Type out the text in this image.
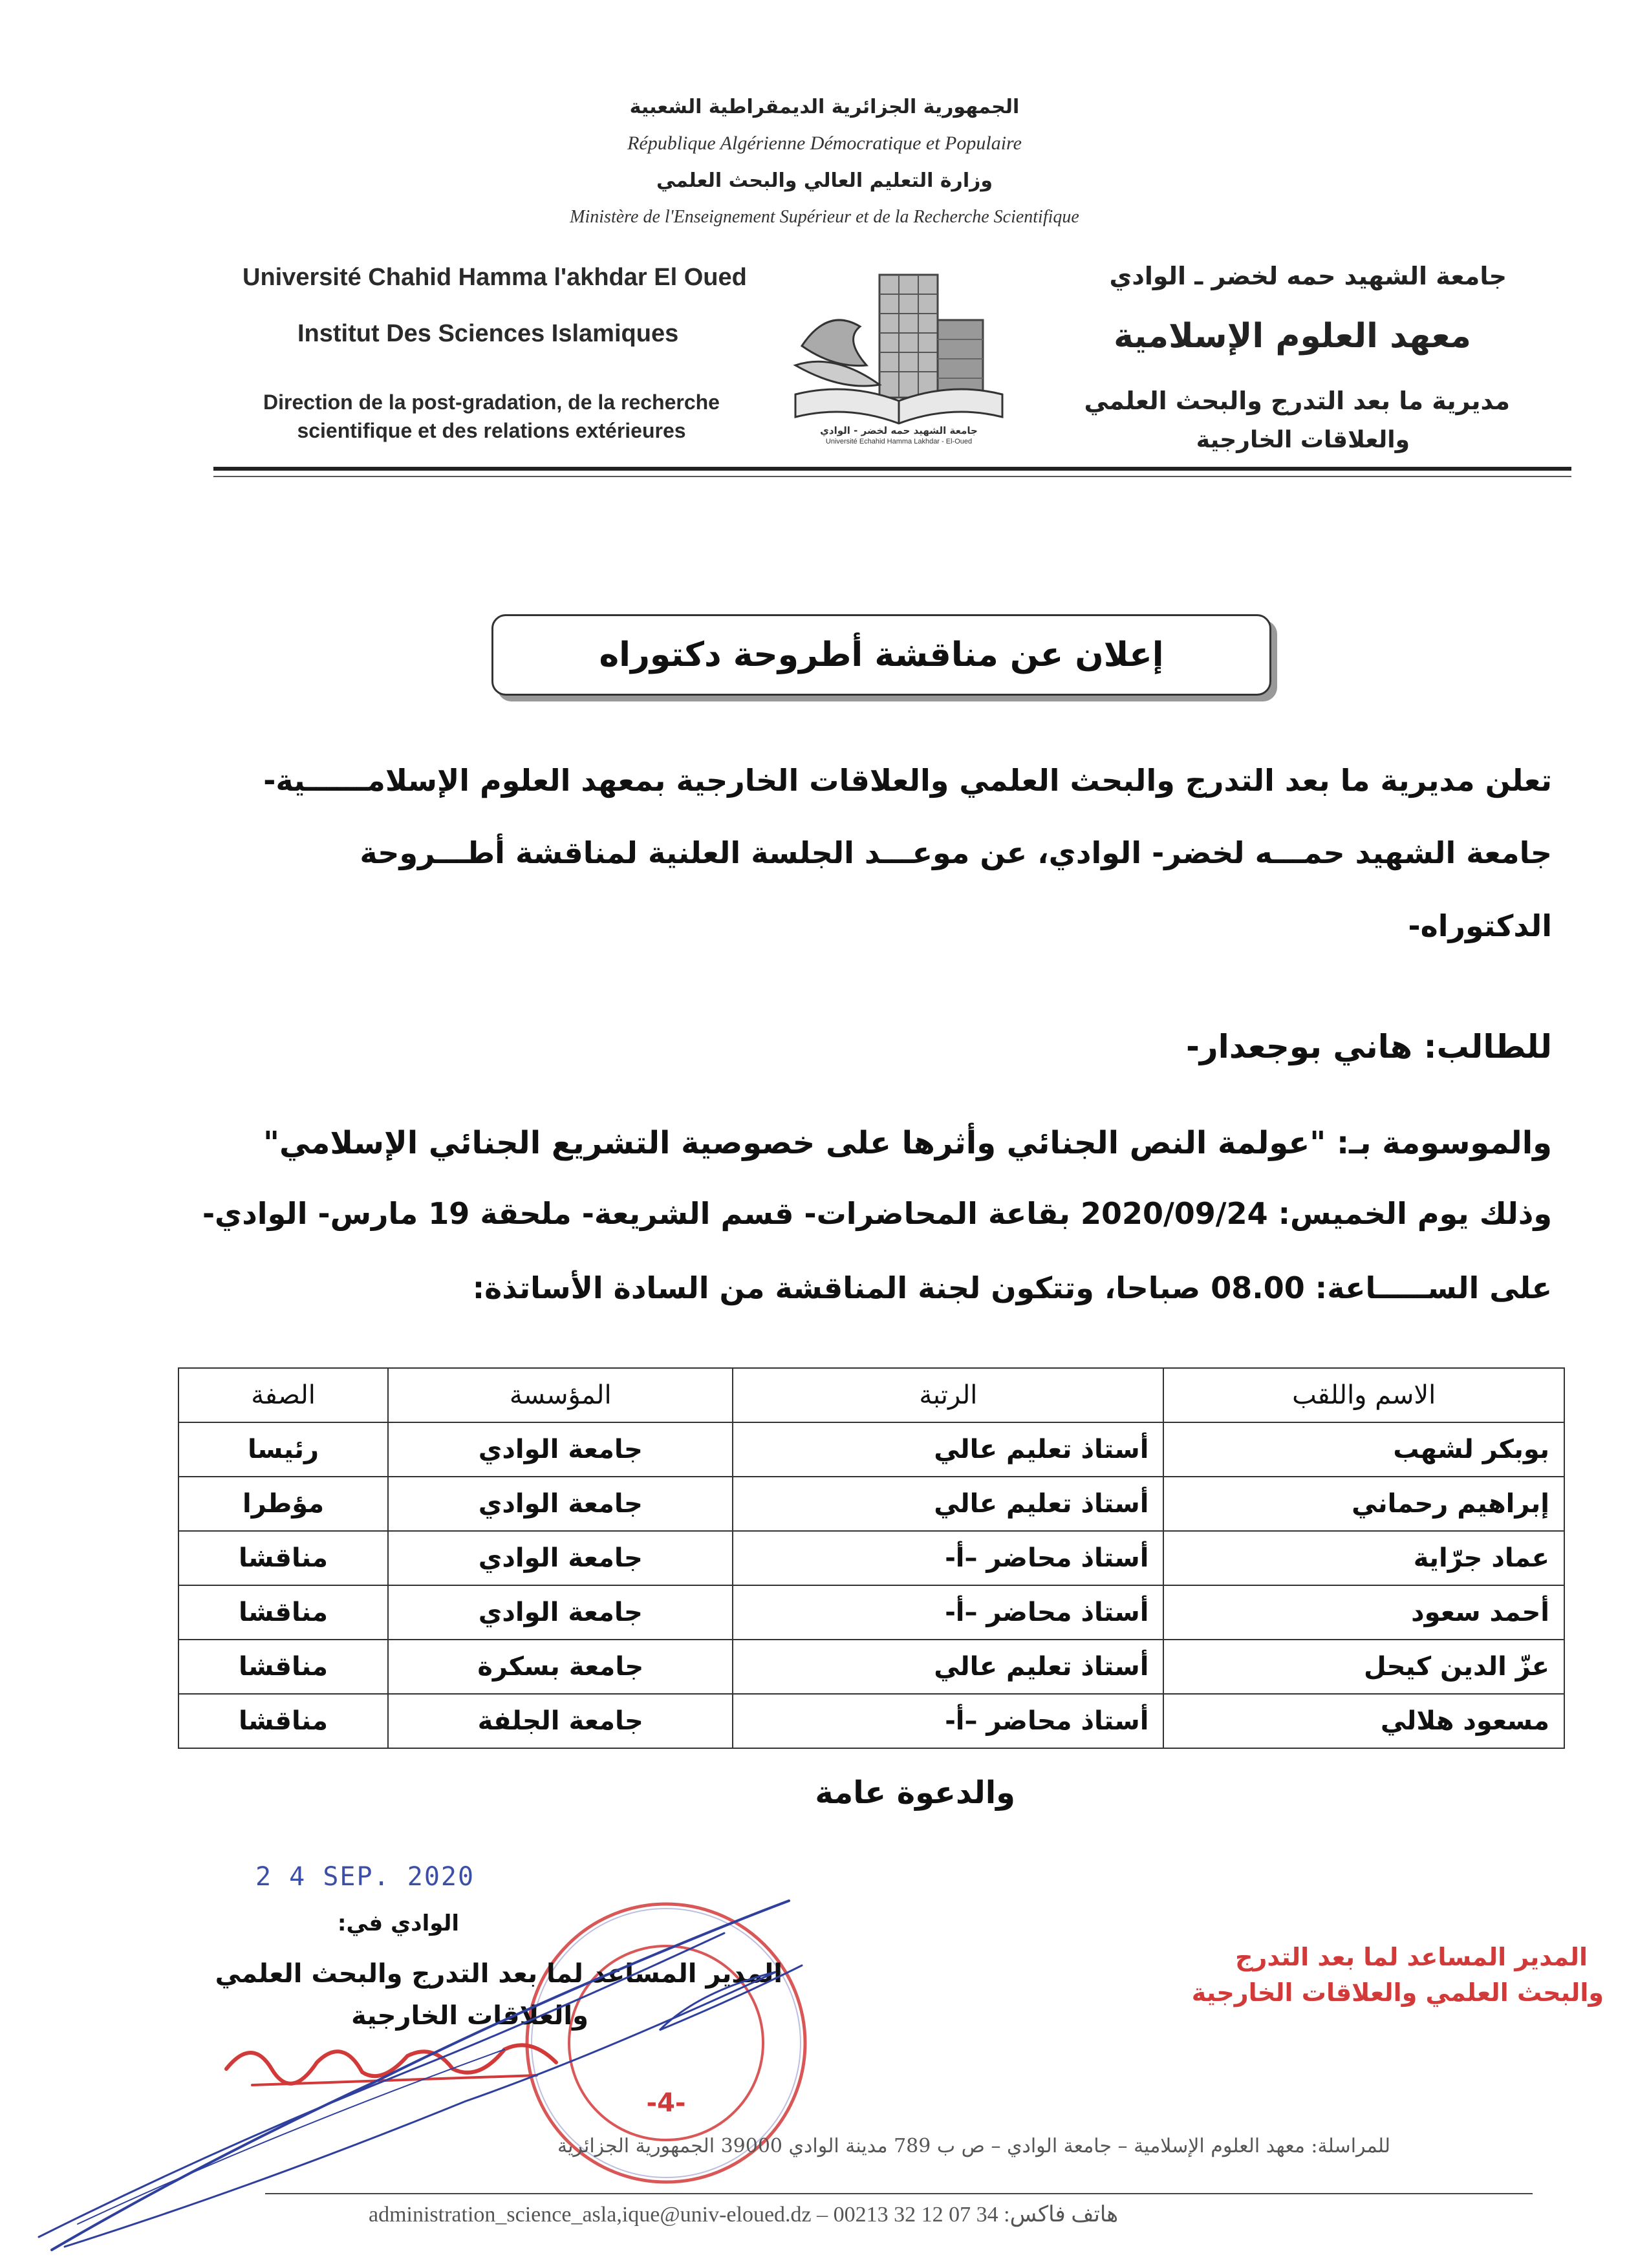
الجمهورية الجزائرية الديمقراطية الشعبية
République Algérienne Démocratique et Populaire
وزارة التعليم العالي والبحث العلمي
Ministère de l'Enseignement Supérieur et de la Recherche Scientifique
Université Chahid Hamma l'akhdar El Oued
Institut Des Sciences Islamiques
Direction de la post-gradation, de la recherche
scientifique et des relations extérieures	جامعة الشهيد حمه لخضر - الوادي
Université Echahid Hamma Lakhdar - El-Oued
جامعة الشهيد حمه لخضر ـ الوادي
معهد العلوم الإسلامية
مديرية ما بعد التدرج والبحث العلمي
والعلاقات الخارجية
إعلان عن مناقشة أطروحة دكتوراه
تعلن مديرية ما بعد التدرج والبحث العلمي والعلاقات الخارجية بمعهد العلوم الإسلامــــــية-
جامعة الشهيد حمـــه لخضر- الوادي، عن موعـــد الجلسة العلنية لمناقشة أطـــروحة
الدكتوراه-
للطالب: هاني بوجعدار-
والموسومة بـ: "عولمة النص الجنائي وأثرها على خصوصية التشريع الجنائي الإسلامي"
وذلك يوم الخميس: 2020/09/24 بقاعة المحاضرات- قسم الشريعة- ملحقة 19 مارس- الوادي-
على الســـــاعة: 08.00 صباحا، وتتكون لجنة المناقشة من السادة الأساتذة:
الاسم واللقب	الرتبة	المؤسسة	الصفة
بوبكر لشهب	أستاذ تعليم عالي	جامعة الوادي	رئيسا
إبراهيم رحماني	أستاذ تعليم عالي	جامعة الوادي	مؤطرا
عماد جرّاية	أستاذ محاضر –أ-	جامعة الوادي	مناقشا
أحمد سعود	أستاذ محاضر –أ-	جامعة الوادي	مناقشا
عزّ الدين كيحل	أستاذ تعليم عالي	جامعة بسكرة	مناقشا
مسعود هلالي	أستاذ محاضر –أ-	جامعة الجلفة	مناقشا
والدعوة عامة
2 4 SEP. 2020
-4-
المدير المساعد لما بعد التدرج
والبحث العلمي والعلاقات الخارجية
الوادي في:
المدير المساعد لما بعد التدرج والبحث العلمي
والعلاقات الخارجية
للمراسلة: معهد العلوم الإسلامية – جامعة الوادي – ص ب 789 مدينة الوادي 39000 الجمهورية الجزائرية
administration_science_asla,ique@univ-eloued.dz – 00213 32 12 07 34 :هاتف فاكس
